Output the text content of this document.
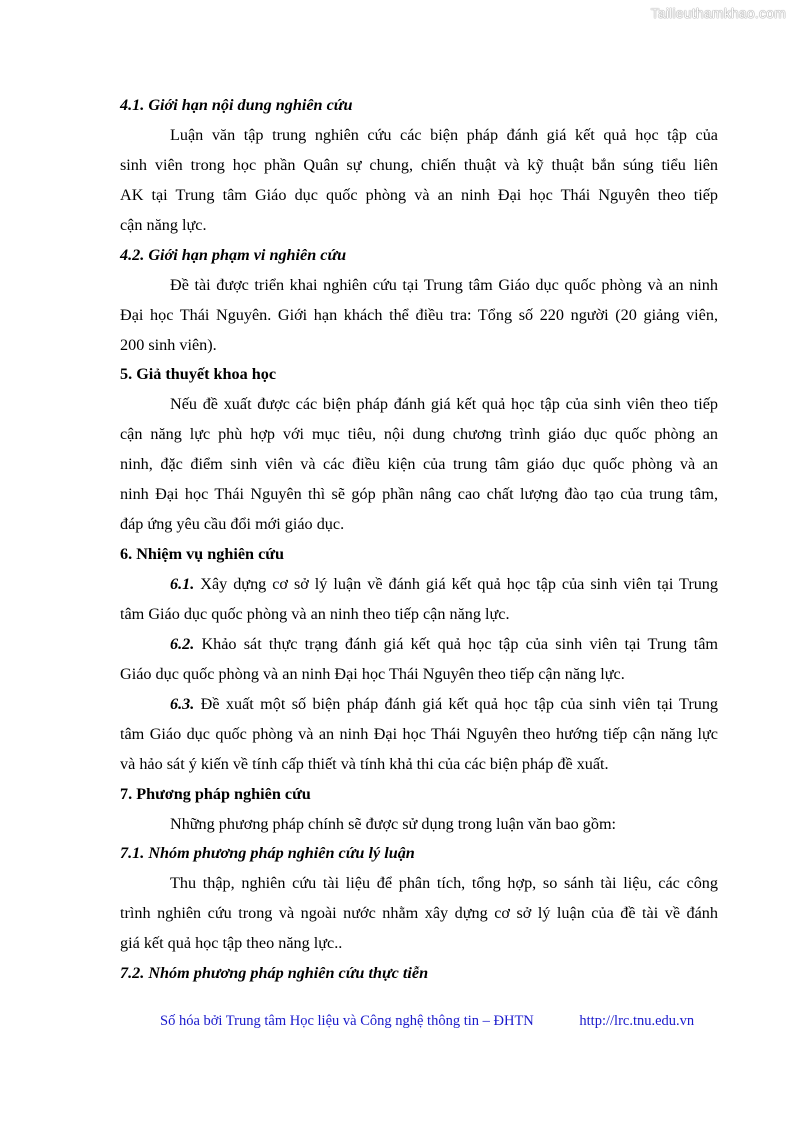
Tailieuthamkhao.com
4.1. Giới hạn nội dung nghiên cứu
Luận văn tập trung nghiên cứu các biện pháp đánh giá kết quả học tập của
sinh viên trong học phần Quân sự chung, chiến thuật và kỹ thuật bắn súng tiểu liên
AK tại Trung tâm Giáo dục quốc phòng và an ninh Đại học Thái Nguyên theo tiếp
cận năng lực.
4.2. Giới hạn phạm vi nghiên cứu
Đề tài được triển khai nghiên cứu tại Trung tâm Giáo dục quốc phòng và an ninh
Đại học Thái Nguyên. Giới hạn khách thể điều tra: Tổng số 220 người (20 giảng viên,
200 sinh viên).
5. Giả thuyết khoa học
Nếu đề xuất được các biện pháp đánh giá kết quả học tập của sinh viên theo tiếp
cận năng lực phù hợp với mục tiêu, nội dung chương trình giáo dục quốc phòng an
ninh, đặc điểm sinh viên và các điều kiện của trung tâm giáo dục quốc phòng và an
ninh Đại học Thái Nguyên thì sẽ góp phần nâng cao chất lượng đào tạo của trung tâm,
đáp ứng yêu cầu đổi mới giáo dục.
6. Nhiệm vụ nghiên cứu
6.1. Xây dựng cơ sở lý luận về đánh giá kết quả học tập của sinh viên tại Trung
tâm Giáo dục quốc phòng và an ninh theo tiếp cận năng lực.
6.2. Khảo sát thực trạng đánh giá kết quả học tập của sinh viên tại Trung tâm
Giáo dục quốc phòng và an ninh Đại học Thái Nguyên theo tiếp cận năng lực.
6.3. Đề xuất một số biện pháp đánh giá kết quả học tập của sinh viên tại Trung
tâm Giáo dục quốc phòng và an ninh Đại học Thái Nguyên theo hướng tiếp cận năng lực
và hảo sát ý kiến về tính cấp thiết và tính khả thi của các biện pháp đề xuất.
7. Phương pháp nghiên cứu
Những phương pháp chính sẽ được sử dụng trong luận văn bao gồm:
7.1. Nhóm phương pháp nghiên cứu lý luận
Thu thập, nghiên cứu tài liệu để phân tích, tổng hợp, so sánh tài liệu, các công
trình nghiên cứu trong và ngoài nước nhằm xây dựng cơ sở lý luận của đề tài về đánh
giá kết quả học tập theo năng lực..
7.2. Nhóm phương pháp nghiên cứu thực tiễn
Số hóa bởi Trung tâm Học liệu và Công nghệ thông tin – ĐHTN	http://lrc.tnu.edu.vn
